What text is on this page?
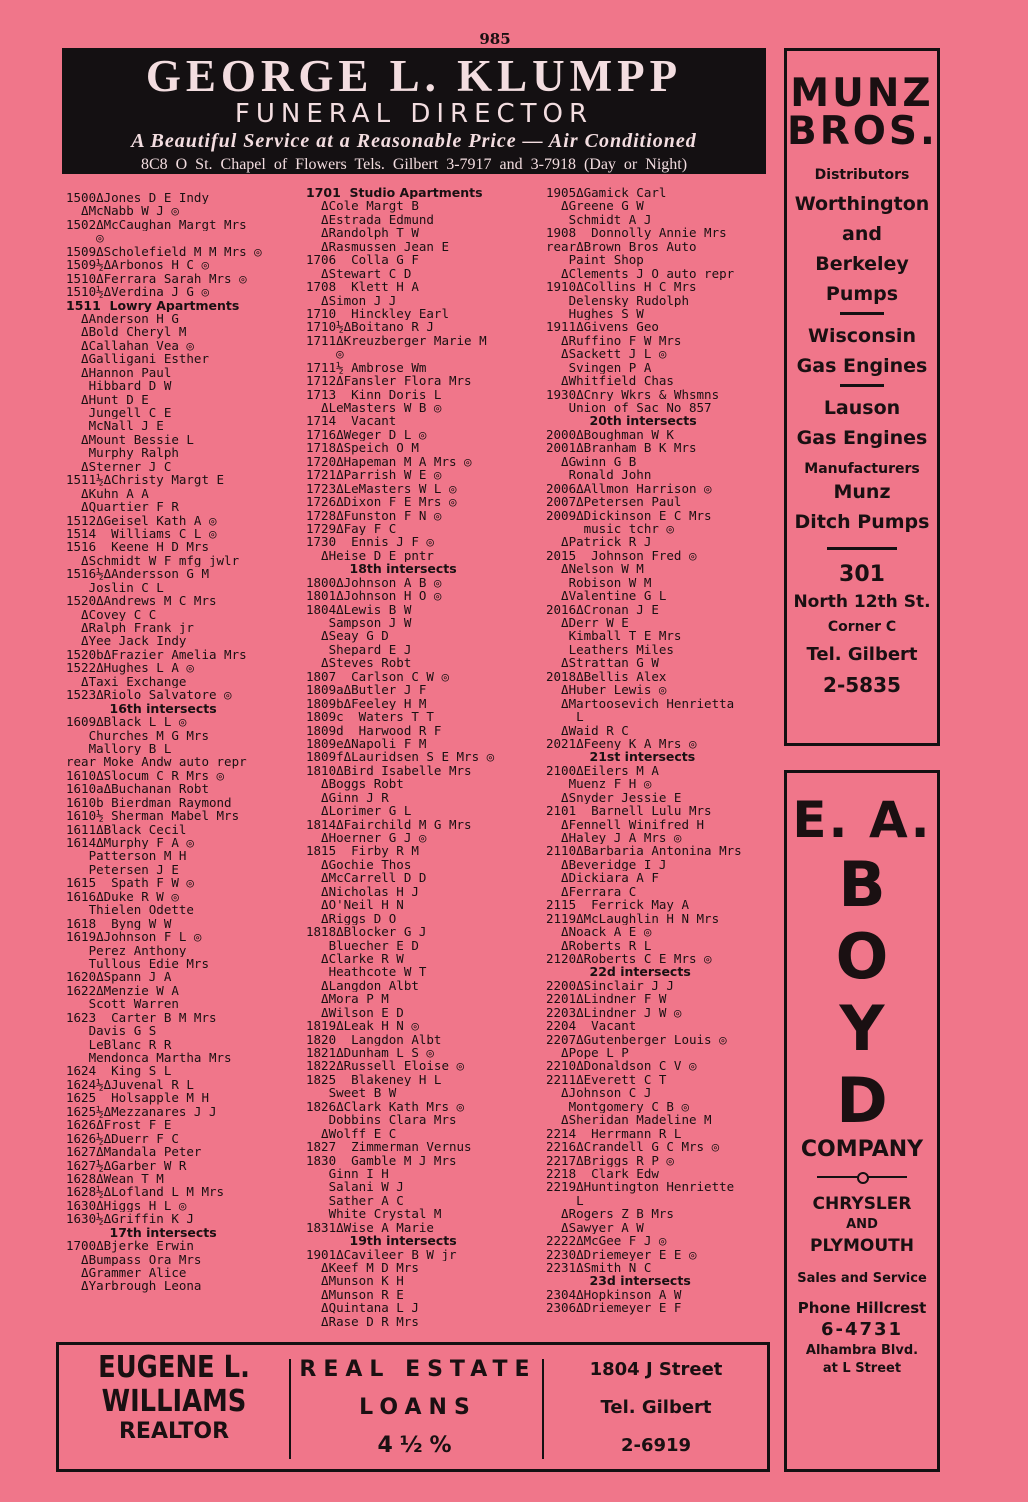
985
GEORGE L. KLUMPP
FUNERAL DIRECTOR
A Beautiful Service at a Reasonable Price — Air Conditioned
8C8 O St. Chapel of Flowers Tels. Gilbert 3-7917 and 3-7918 (Day or Night)
1500ΔJones D E Indy
ΔMcNabb W J ◎
1502ΔMcCaughan Margt Mrs
◎
1509ΔScholefield M M Mrs ◎
1509½ΔArbonos H C ◎
1510ΔFerrara Sarah Mrs ◎
1510½ΔVerdina J G ◎
1511  Lowry Apartments
ΔAnderson H G
ΔBold Cheryl M
ΔCallahan Vea ◎
ΔGalligani Esther
ΔHannon Paul
Hibbard D W
ΔHunt D E
Jungell C E
McNall J E
ΔMount Bessie L
Murphy Ralph
ΔSterner J C
1511½ΔChristy Margt E
ΔKuhn A A
ΔQuartier F R
1512ΔGeisel Kath A ◎
1514  Williams C L ◎
1516  Keene H D Mrs
ΔSchmidt W F mfg jwlr
1516½ΔAndersson G M
Joslin C L
1520ΔAndrews M C Mrs
ΔCovey C C
ΔRalph Frank jr
ΔYee Jack Indy
1520bΔFrazier Amelia Mrs
1522ΔHughes L A ◎
ΔTaxi Exchange
1523ΔRiolo Salvatore ◎
16th intersects
1609ΔBlack L L ◎
Churches M G Mrs
Mallory B L
rear Moke Andw auto repr
1610ΔSlocum C R Mrs ◎
1610aΔBuchanan Robt
1610b Bierdman Raymond
1610½ Sherman Mabel Mrs
1611ΔBlack Cecil
1614ΔMurphy F A ◎
Patterson M H
Petersen J E
1615  Spath F W ◎
1616ΔDuke R W ◎
Thielen Odette
1618  Byng W W
1619ΔJohnson F L ◎
Perez Anthony
Tullous Edie Mrs
1620ΔSpann J A
1622ΔMenzie W A
Scott Warren
1623  Carter B M Mrs
Davis G S
LeBlanc R R
Mendonca Martha Mrs
1624  King S L
1624½ΔJuvenal R L
1625  Holsapple M H
1625½ΔMezzanares J J
1626ΔFrost F E
1626½ΔDuerr F C
1627ΔMandala Peter
1627½ΔGarber W R
1628ΔWean T M
1628½ΔLofland L M Mrs
1630ΔHiggs H L ◎
1630½ΔGriffin K J
17th intersects
1700ΔBjerke Erwin
ΔBumpass Ora Mrs
ΔGrammer Alice
ΔYarbrough Leona
1701  Studio Apartments
ΔCole Margt B
ΔEstrada Edmund
ΔRandolph T W
ΔRasmussen Jean E
1706  Colla G F
ΔStewart C D
1708  Klett H A
ΔSimon J J
1710  Hinckley Earl
1710½ΔBoitano R J
1711ΔKreuzberger Marie M
◎
1711½ Ambrose Wm
1712ΔFansler Flora Mrs
1713  Kinn Doris L
ΔLeMasters W B ◎
1714  Vacant
1716ΔWeger D L ◎
1718ΔSpeich O M
1720ΔHapeman M A Mrs ◎
1721ΔParrish W E ◎
1723ΔLeMasters W L ◎
1726ΔDixon F E Mrs ◎
1728ΔFunston F N ◎
1729ΔFay F C
1730  Ennis J F ◎
ΔHeise D E pntr
18th intersects
1800ΔJohnson A B ◎
1801ΔJohnson H O ◎
1804ΔLewis B W
Sampson J W
ΔSeay G D
Shepard E J
ΔSteves Robt
1807  Carlson C W ◎
1809aΔButler J F
1809bΔFeeley H M
1809c  Waters T T
1809d  Harwood R F
1809eΔNapoli F M
1809fΔLauridsen S E Mrs ◎
1810ΔBird Isabelle Mrs
ΔBoggs Robt
ΔGinn J R
ΔLorimer G L
1814ΔFairchild M G Mrs
ΔHoerner G J ◎
1815  Firby R M
ΔGochie Thos
ΔMcCarrell D D
ΔNicholas H J
ΔO'Neil H N
ΔRiggs D O
1818ΔBlocker G J
Bluecher E D
ΔClarke R W
Heathcote W T
ΔLangdon Albt
ΔMora P M
ΔWilson E D
1819ΔLeak H N ◎
1820  Langdon Albt
1821ΔDunham L S ◎
1822ΔRussell Eloise ◎
1825  Blakeney H L
Sweet B W
1826ΔClark Kath Mrs ◎
Dobbins Clara Mrs
ΔWolff E C
1827  Zimmerman Vernus
1830  Gamble M J Mrs
Ginn I H
Salani W J
Sather A C
White Crystal M
1831ΔWise A Marie
19th intersects
1901ΔCavileer B W jr
ΔKeef M D Mrs
ΔMunson K H
ΔMunson R E
ΔQuintana L J
ΔRase D R Mrs
1905ΔGamick Carl
ΔGreene G W
Schmidt A J
1908  Donnolly Annie Mrs
rearΔBrown Bros Auto
Paint Shop
ΔClements J O auto repr
1910ΔCollins H C Mrs
Delensky Rudolph
Hughes S W
1911ΔGivens Geo
ΔRuffino F W Mrs
ΔSackett J L ◎
Svingen P A
ΔWhitfield Chas
1930ΔCnry Wkrs & Whsmns
Union of Sac No 857
20th intersects
2000ΔBoughman W K
2001ΔBranham B K Mrs
ΔGwinn G B
Ronald John
2006ΔAllmon Harrison ◎
2007ΔPetersen Paul
2009ΔDickinson E C Mrs
music tchr ◎
ΔPatrick R J
2015  Johnson Fred ◎
ΔNelson W M
Robison W M
ΔValentine G L
2016ΔCronan J E
ΔDerr W E
Kimball T E Mrs
Leathers Miles
ΔStrattan G W
2018ΔBellis Alex
ΔHuber Lewis ◎
ΔMartoosevich Henrietta
L
ΔWaid R C
2021ΔFeeny K A Mrs ◎
21st intersects
2100ΔEilers M A
Muenz F H ◎
ΔSnyder Jessie E
2101  Barnell Lulu Mrs
ΔFennell Winifred H
ΔHaley J A Mrs ◎
2110ΔBarbaria Antonina Mrs
ΔBeveridge I J
ΔDickiara A F
ΔFerrara C
2115  Ferrick May A
2119ΔMcLaughlin H N Mrs
ΔNoack A E ◎
ΔRoberts R L
2120ΔRoberts C E Mrs ◎
22d intersects
2200ΔSinclair J J
2201ΔLindner F W
2203ΔLindner J W ◎
2204  Vacant
2207ΔGutenberger Louis ◎
ΔPope L P
2210ΔDonaldson C V ◎
2211ΔEverett C T
ΔJohnson C J
Montgomery C B ◎
ΔSheridan Madeline M
2214  Herrmann R L
2216ΔCrandell G C Mrs ◎
2217ΔBriggs R P ◎
2218  Clark Edw
2219ΔHuntington Henriette
L
ΔRogers Z B Mrs
ΔSawyer A W
2222ΔMcGee F J ◎
2230ΔDriemeyer E E ◎
2231ΔSmith N C
23d intersects
2304ΔHopkinson A W
2306ΔDriemeyer E F
MUNZ
BROS.
Distributors
Worthington
and
Berkeley
Pumps
Wisconsin
Gas Engines
Lauson
Gas Engines
Manufacturers
Munz
Ditch Pumps
301
North 12th St.
Corner C
Tel. Gilbert
2-5835
E. A.
B
O
Y
D
COMPANY
CHRYSLER
AND
PLYMOUTH
Sales and Service
Phone Hillcrest
6-4731
Alhambra Blvd.
at L Street
EUGENE L.
WILLIAMS
REALTOR
REAL ESTATE
LOANS
4½%
1804 J Street
Tel. Gilbert
2-6919
